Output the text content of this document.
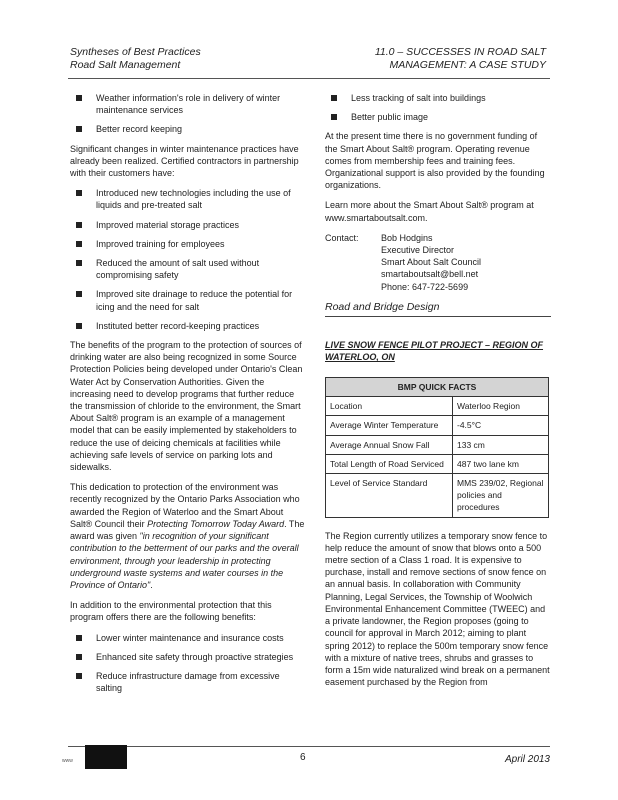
Syntheses of Best Practices
Road Salt Management
11.0 – SUCCESSES IN ROAD SALT
MANAGEMENT: A CASE STUDY
Weather information's role in delivery of winter maintenance services
Better record keeping

Significant changes in winter maintenance practices have already been realized. Certified contractors in partnership with their customers have:

Introduced new technologies including the use of liquids and pre-treated salt
Improved material storage practices
Improved training for employees
Reduced the amount of salt used without compromising safety
Improved site drainage to reduce the potential for icing and the need for salt
Instituted better record-keeping practices

The benefits of the program to the protection of sources of drinking water are also being recognized in some Source Protection Policies being developed under Ontario's Clean Water Act by Conservation Authorities. Given the increasing need to develop programs that further reduce the transmission of chloride to the environment, the Smart About Salt® program is an example of a management model that can be easily implemented by stakeholders to reduce the use of deicing chemicals at facilities while achieving safe levels of service on parking lots and sidewalks.

This dedication to protection of the environment was recently recognized by the Ontario Parks Association who awarded the Region of Waterloo and the Smart About Salt® Council their Protecting Tomorrow Today Award. The award was given "in recognition of your significant contribution to the betterment of our parks and the overall environment, through your leadership in protecting underground waste systems and water courses in the Province of Ontario".

In addition to the environmental protection that this program offers there are the following benefits:

Lower winter maintenance and insurance costs
Enhanced site safety through proactive strategies
Reduce infrastructure damage from excessive salting
Less tracking of salt into buildings
Better public image

At the present time there is no government funding of the Smart About Salt® program. Operating revenue comes from membership fees and training fees. Organizational support is also provided by the founding organizations.

Learn more about the Smart About Salt® program at www.smartaboutsalt.com.

Contact:	Bob Hodgins
Executive Director
Smart About Salt Council
smartaboutsalt@bell.net
Phone: 647-722-5699
Road and Bridge Design
LIVE SNOW FENCE PILOT PROJECT – REGION OF WATERLOO, ON
BMP QUICK FACTS	
Location	Waterloo Region
Average Winter Temperature	-4.5°C
Average Annual Snow Fall	133 cm
Total Length of Road Serviced	487 two lane km
Level of Service Standard	MMS 239/02, Regional policies and procedures

The Region currently utilizes a temporary snow fence to help reduce the amount of snow that blows onto a 500 metre section of a Class 1 road. It is expensive to purchase, install and remove sections of snow fence on an annual basis. In collaboration with Community Planning, Legal Services, the Township of Woolwich Environmental Enhancement Committee (TWEEC) and a private landowner, the Region proposes (going to council for approval in March 2012; aiming to plant spring 2012) to replace the 500m temporary snow fence with a mixture of native trees, shrubs and grasses to form a 15m wide naturalized wind break on a permanent easement purchased by the Region from

www	6	April 2013
